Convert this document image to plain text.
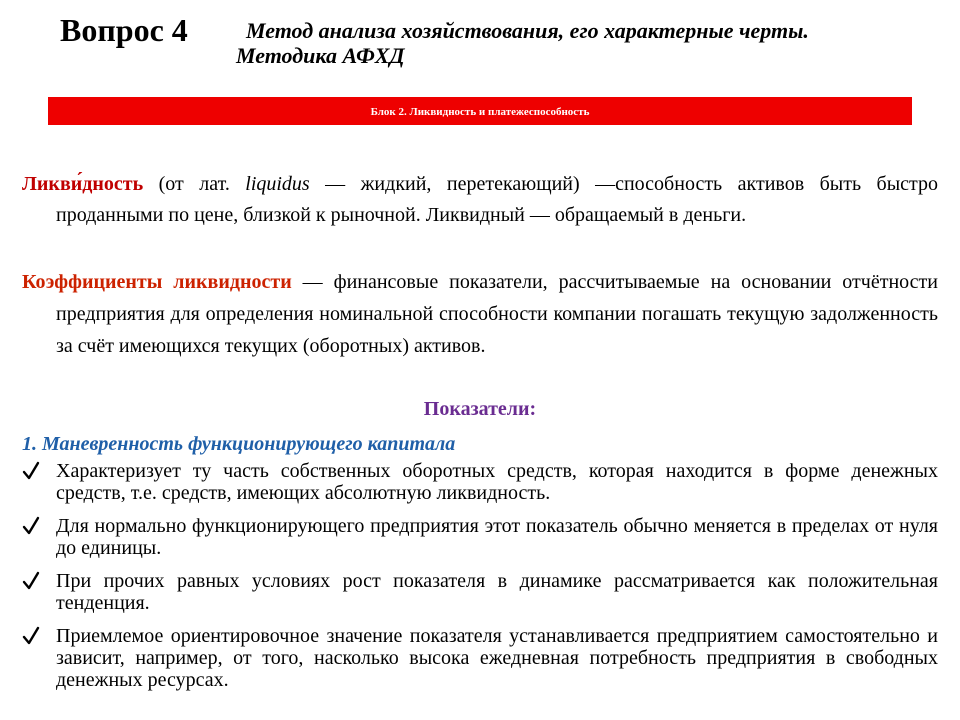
Вопрос 4	Метод анализа хозяйствования, его характерные черты.
Методика АФХД
Блок 2. Ликвидность и платежеспособность
Ликви́дность (от лат. liquidus — жидкий, перетекающий) —способность активов быть быстро проданными по цене, близкой к рыночной. Ликвидный — обращаемый в деньги.
Коэффициенты ликвидности — финансовые показатели, рассчитываемые на основании отчётности предприятия для определения номинальной способности компании погашать текущую задолженность за счёт имеющихся текущих (оборотных) активов.
Показатели:
1. Маневренность функционирующего капитала
Характеризует ту часть собственных оборотных средств, которая находится в форме денежных средств, т.е. средств, имеющих абсолютную ликвидность.
Для нормально функционирующего предприятия этот показатель обычно меняется в пределах от нуля до единицы.
При прочих равных условиях рост показателя в динамике рассматривается как положительная тенденция.
Приемлемое ориентировочное значение показателя устанавливается предприятием самостоятельно и зависит, например, от того, насколько высока ежедневная потребность предприятия в свободных денежных ресурсах.
